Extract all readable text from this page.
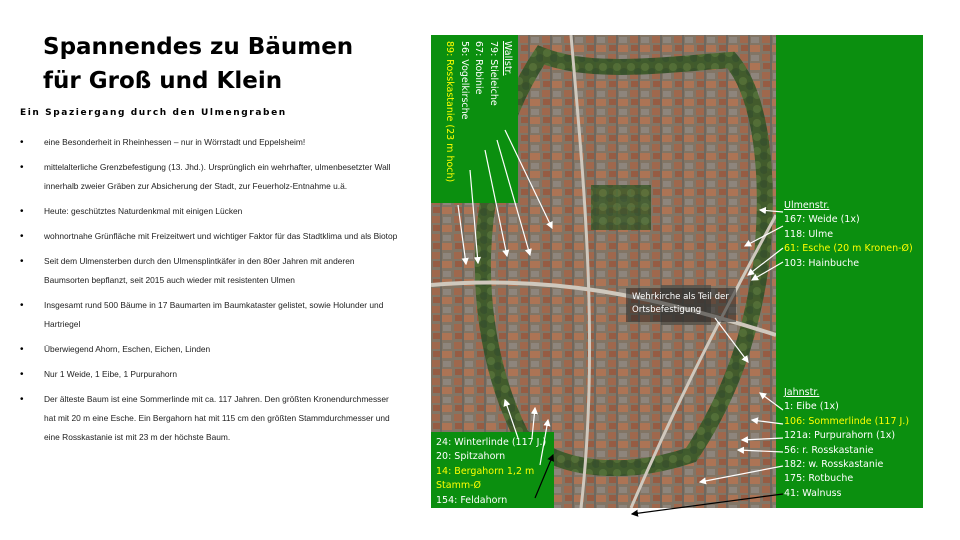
Spannendes zu Bäumen
für Groß und Klein
Ein Spaziergang durch den Ulmengraben
• eine Besonderheit in Rheinhessen – nur in Wörrstadt und Eppelsheim!
• mittelalterliche Grenzbefestigung (13. Jhd.). Ursprünglich ein wehrhafter, ulmenbesetzter Wall innerhalb zweier Gräben zur Absicherung der Stadt, zur Feuerholz-Entnahme u.ä.
• Heute: geschütztes Naturdenkmal mit einigen Lücken
• wohnortnahe Grünfläche mit Freizeitwert und wichtiger Faktor für das Stadtklima und als Biotop
• Seit dem Ulmensterben durch den Ulmensplintkäfer in den 80er Jahren mit anderen Baumsorten bepflanzt, seit 2015 auch wieder mit resistenten Ulmen
• Insgesamt rund 500 Bäume in 17 Baumarten im Baumkataster gelistet, sowie Holunder und Hartriegel
• Überwiegend Ahorn, Eschen, Eichen, Linden
• Nur 1 Weide, 1 Eibe, 1 Purpurahorn
• Der älteste Baum ist eine Sommerlinde mit ca. 117 Jahren. Den größten Kronendurchmesser hat mit 20 m eine Esche. Ein Bergahorn hat mit 115 cm den größten Stammdurchmesser und eine Rosskastanie ist mit 23 m der höchste Baum.
Wallstr.
79: Stieleiche
67: Robinie
56: Vogelkirsche
89: Rosskastanie (23 m hoch)
Ulmenstr.
167: Weide (1x)
118: Ulme
61: Esche (20 m Kronen-Ø)
103: Hainbuche
Jahnstr.
1: Eibe (1x)
106: Sommerlinde (117 J.)
121a: Purpurahorn (1x)
56: r. Rosskastanie
182: w. Rosskastanie
175: Rotbuche
41: Walnuss
24: Winterlinde (117 J.)
20: Spitzahorn
14: Bergahorn 1,2 m Stamm-Ø
154: Feldahorn
Wehrkirche als Teil der Ortsbefestigung
